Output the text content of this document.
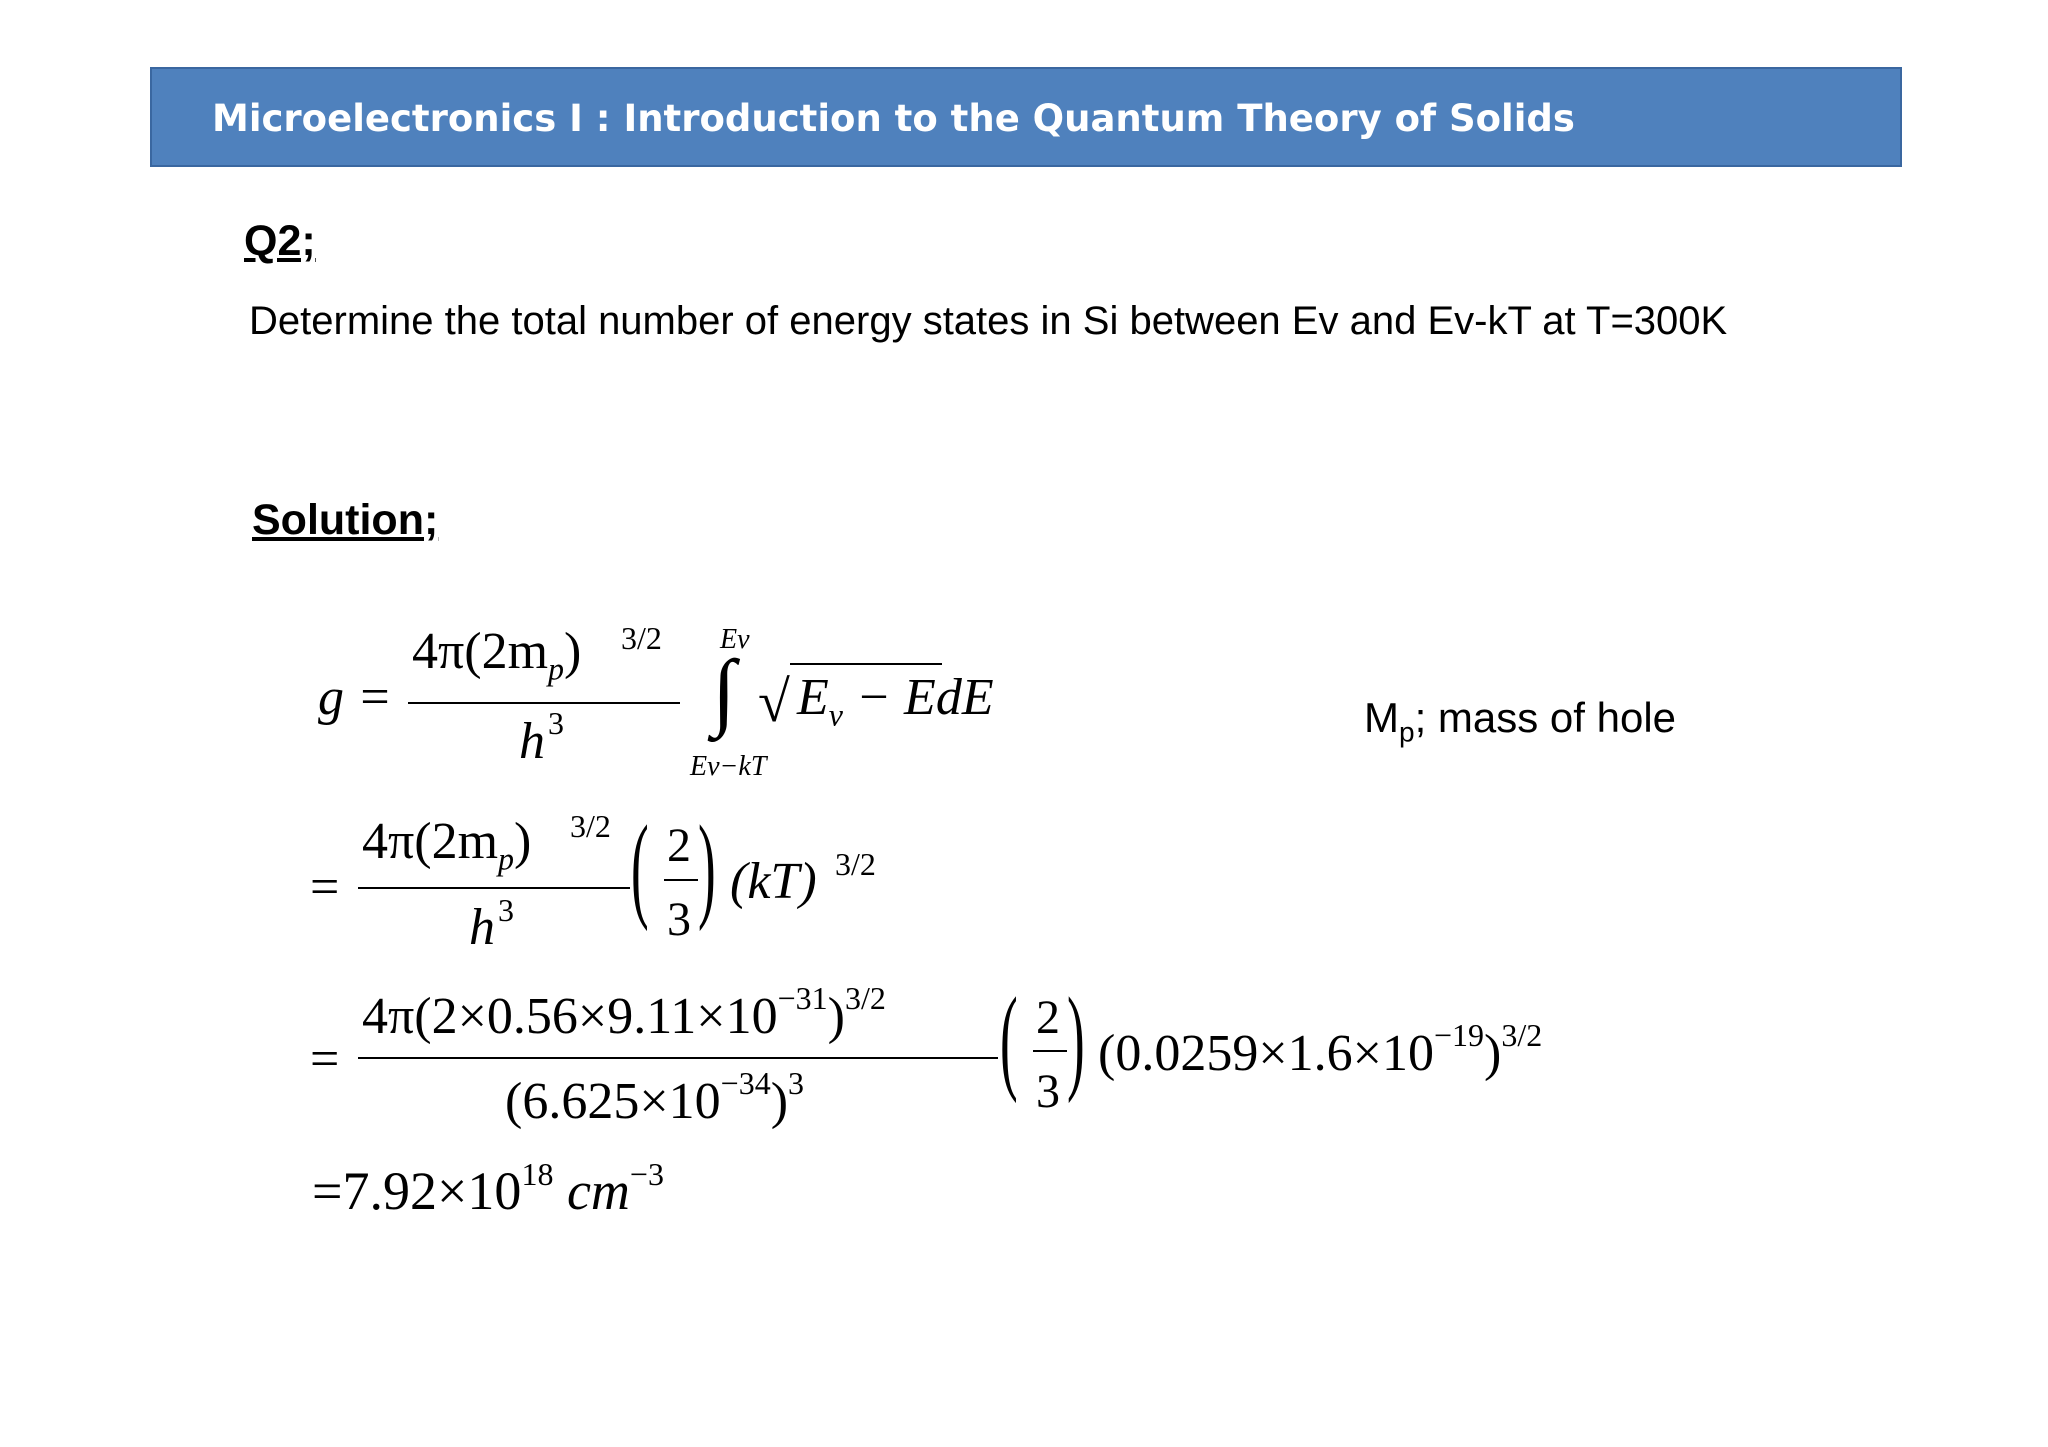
Microelectronics I : Introduction to the Quantum Theory of Solids
Q2;
Determine the total number of energy states in Si between Ev and Ev-kT at T=300K
Solution;
$M_p$; mass of hole
g =
$4\pi(2m_p)$ 3/2
h 3
Ev
∫
Ev−kT
√ $E_v$ − EdE
=
$4\pi(2m_p)$ 3/2
h 3 ( 2
3 ) (kT) 3/2
=
$4\pi(2\times 0.56\times 9.11\times 10^{-31})^{3/2}$
$(6.625\times 10^{-34})^3$ ( 2
3 ) $(0.0259\times 1.6\times 10^{-19})^{3/2}$
$=7.92\times 10^{18}$ $cm^{-3}$
